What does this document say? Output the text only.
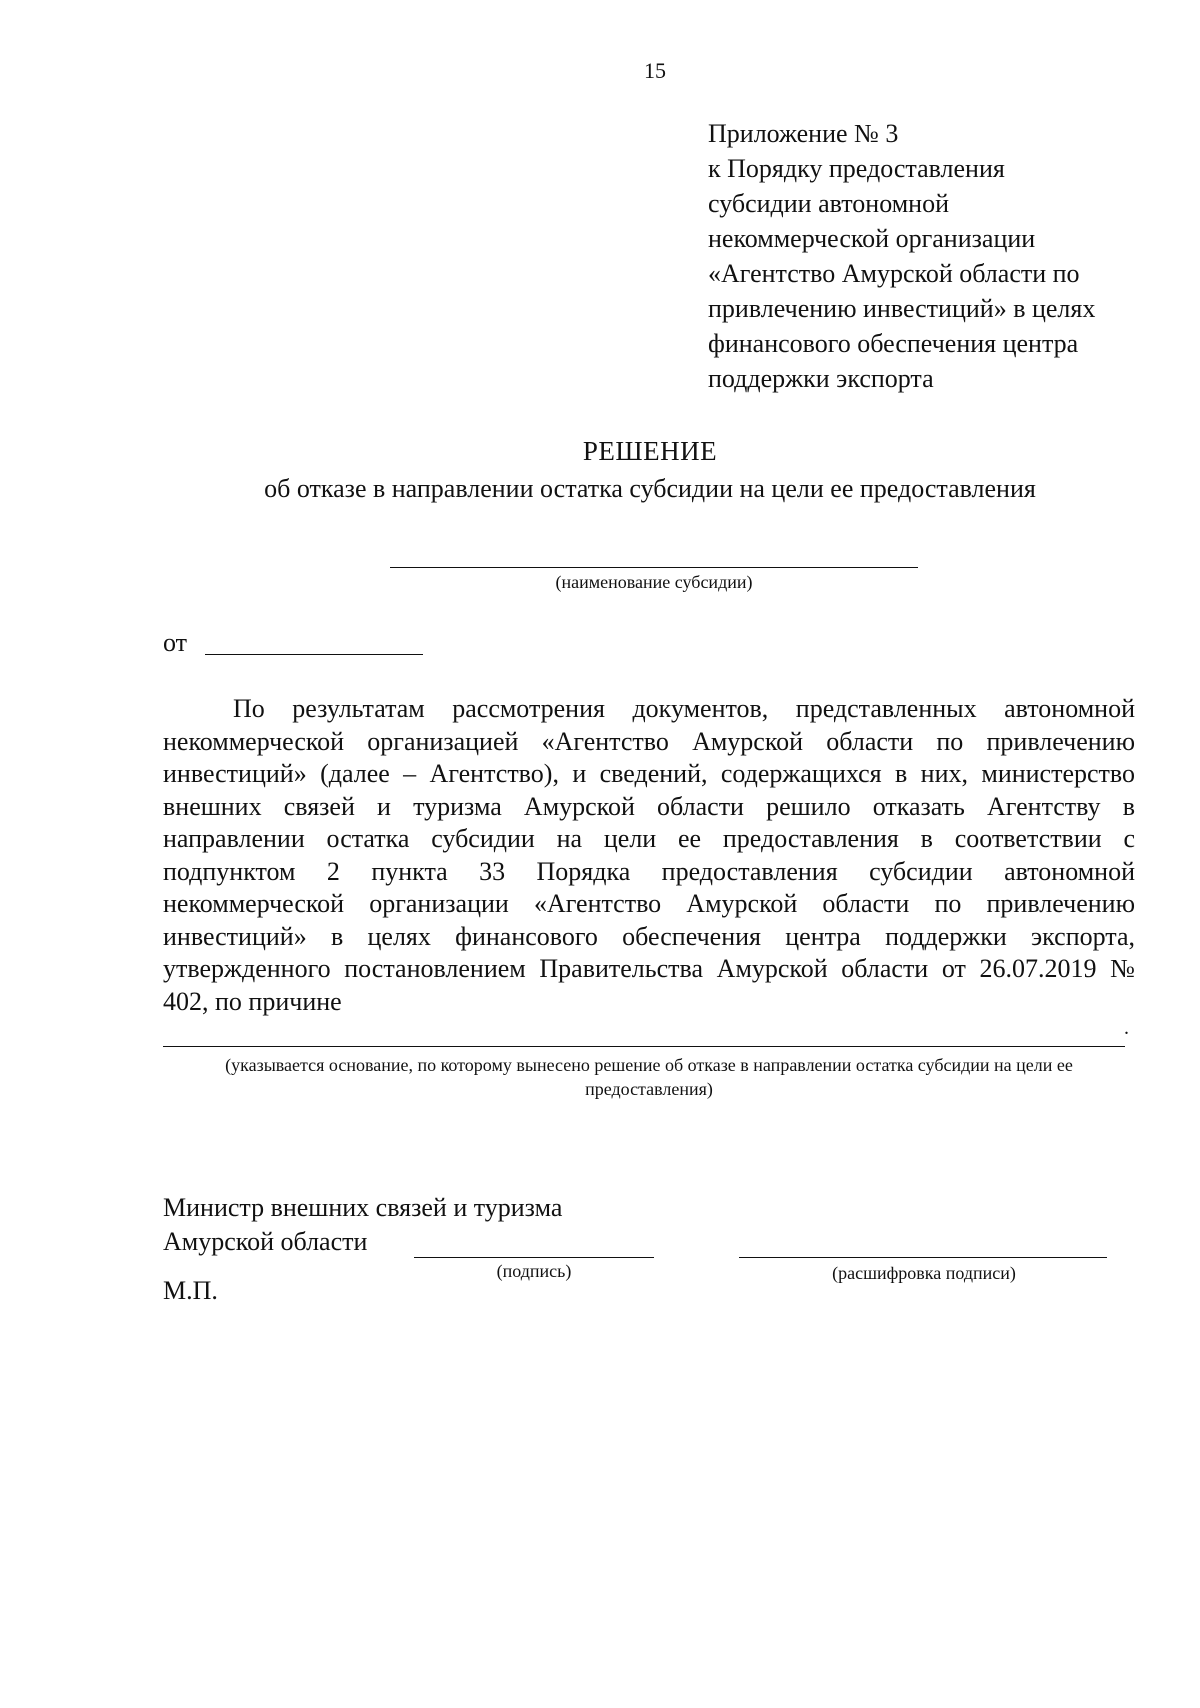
15
Приложение № 3
к Порядку предоставления
субсидии автономной
некоммерческой организации
«Агентство Амурской области по
привлечению инвестиций» в целях
финансового обеспечения центра
поддержки экспорта
РЕШЕНИЕ
об отказе в направлении остатка субсидии на цели ее предоставления
(наименование субсидии)
от

По результатам рассмотрения документов, представленных автономной некоммерческой организацией «Агентство Амурской области по привлечению инвестиций» (далее – Агентство), и сведений, содержащихся в них, министерство внешних связей и туризма Амурской области решило отказать Агентству в направлении остатка субсидии на цели ее предоставления в соответствии с подпунктом 2 пункта 33 Порядка предоставления субсидии автономной некоммерческой организации «Агентство Амурской области по привлечению инвестиций» в целях финансового обеспечения центра поддержки экспорта, утвержденного постановлением Правительства Амурской области от 26.07.2019 № 402, по причине

.
(указывается основание, по которому вынесено решение об отказе в направлении остатка субсидии на цели ее предоставления)
Министр внешних связей и туризма
Амурской области
(подпись)	(расшифровка подписи)
М.П.
